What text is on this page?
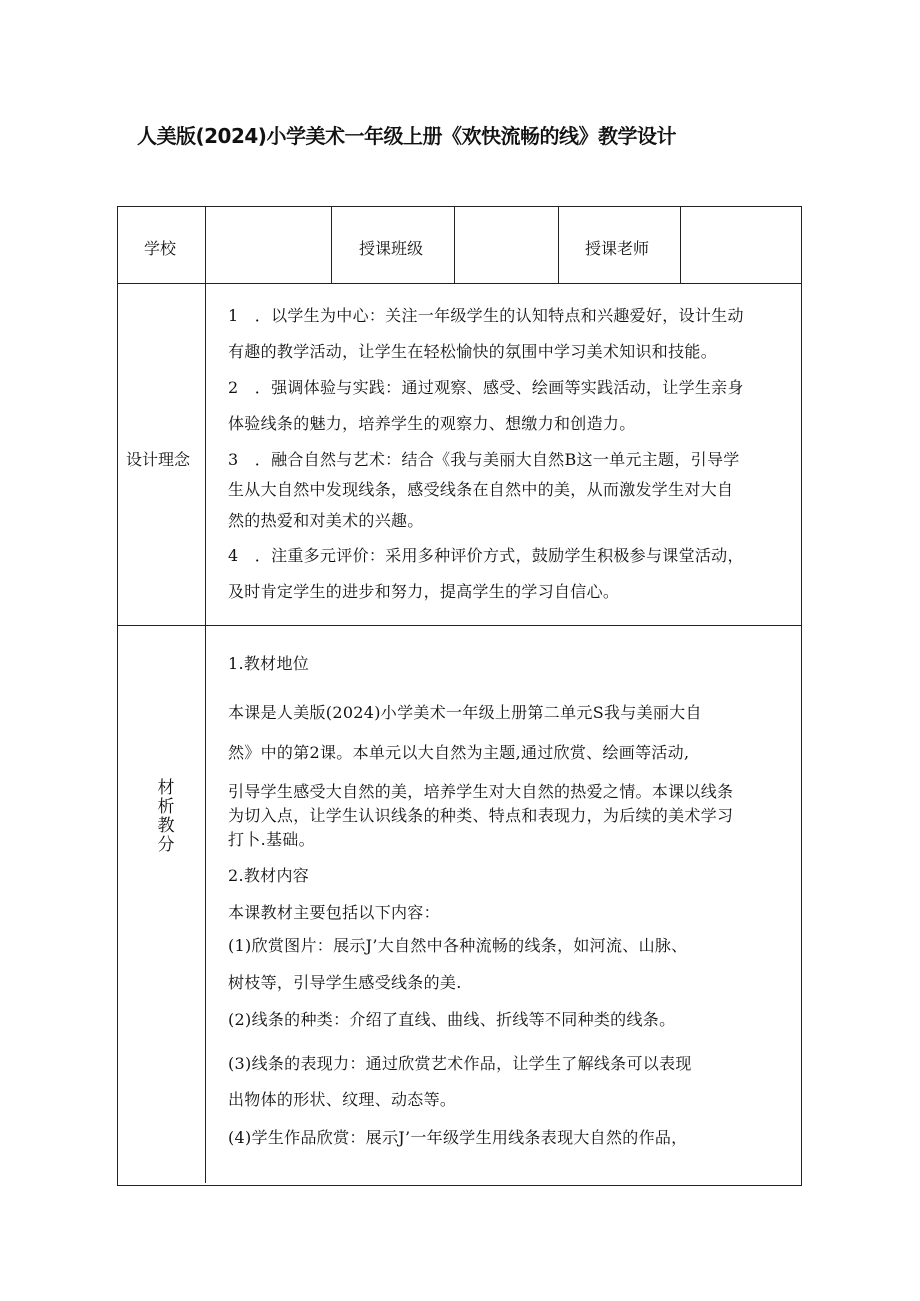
人美版(2024)小学美术一年级上册《欢快流畅的线》教学设计
学校	授课班级	授课老师
设计理念

1　．以学生为中心：关注一年级学生的认知特点和兴趣爱好，设计生动

有趣的教学活动，让学生在轻松愉快的氛围中学习美术知识和技能。

2　．强调体验与实践：通过观察、感受、绘画等实践活动，让学生亲身

体验线条的魅力，培养学生的观察力、想缴力和创造力。

3　．融合自然与艺术：结合《我与美丽大自然B这一单元主题，引导学

生从大自然中发现线条，感受线条在自然中的美，从而激发学生对大自

然的热爱和对美术的兴趣。

4　．注重多元评价：采用多种评价方式，鼓励学生积极参与课堂活动，

及时肯定学生的进步和努力，提高学生的学习自信心。

材
析
教
分

1.教材地位

本课是人美版(2024)小学美术一年级上册第二单元S我与美丽大自

然》中的第2课。本单元以大自然为主题,通过欣赏、绘画等活动,

引导学生感受大自然的美，培养学生对大自然的热爱之情。本课以线条

为切入点，让学生认识线条的种类、特点和表现力，为后续的美术学习

打卜.基础。

2.教材内容

本课教材主要包括以下内容：

(1)欣赏图片：展示J’大自然中各种流畅的线条，如河流、山脉、

树枝等，引导学生感受线条的美.

(2)线条的种类：介绍了直线、曲线、折线等不同种类的线条。

(3)线条的表现力：通过欣赏艺术作品，让学生了解线条可以表现

出物体的形状、纹理、动态等。

(4)学生作品欣赏：展示J’一年级学生用线条表现大自然的作品，
